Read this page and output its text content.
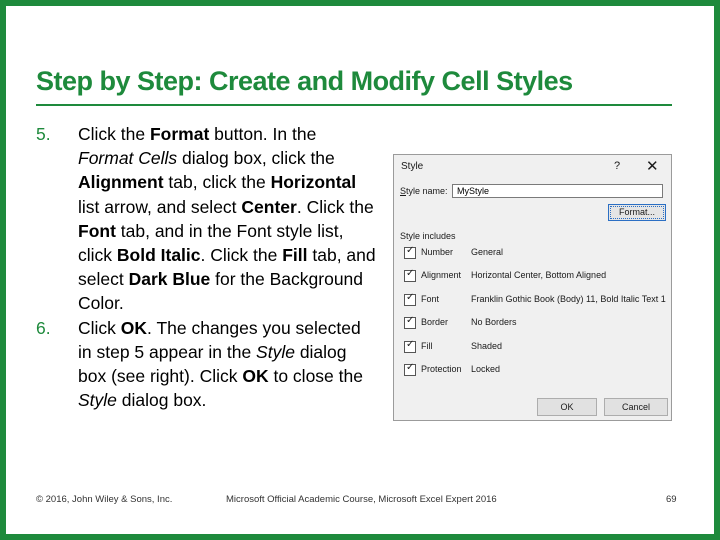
Step by Step: Create and Modify Cell Styles
5.	Click the Format button. In the Format Cells dialog box, click the Alignment tab, click the Horizontal list arrow, and select Center. Click the Font tab, and in the Font style list, click Bold Italic. Click the Fill tab, and select Dark Blue for the Background Color.
6.	Click OK. The changes you selected in step 5 appear in the Style dialog box (see right). Click OK to close the Style dialog box.
Style	? ✕
Style name:
MyStyle
Format...
Style includes
✓
Number General
✓
Alignment Horizontal Center, Bottom Aligned
✓
Font	Franklin Gothic Book (Body) 11, Bold Italic Text 1
✓
Border	No Borders
✓
Fill	Shaded
✓
Protection Locked
OK	Cancel
© 2016, John Wiley & Sons, Inc.	Microsoft Official Academic Course, Microsoft Excel Expert 2016	69
